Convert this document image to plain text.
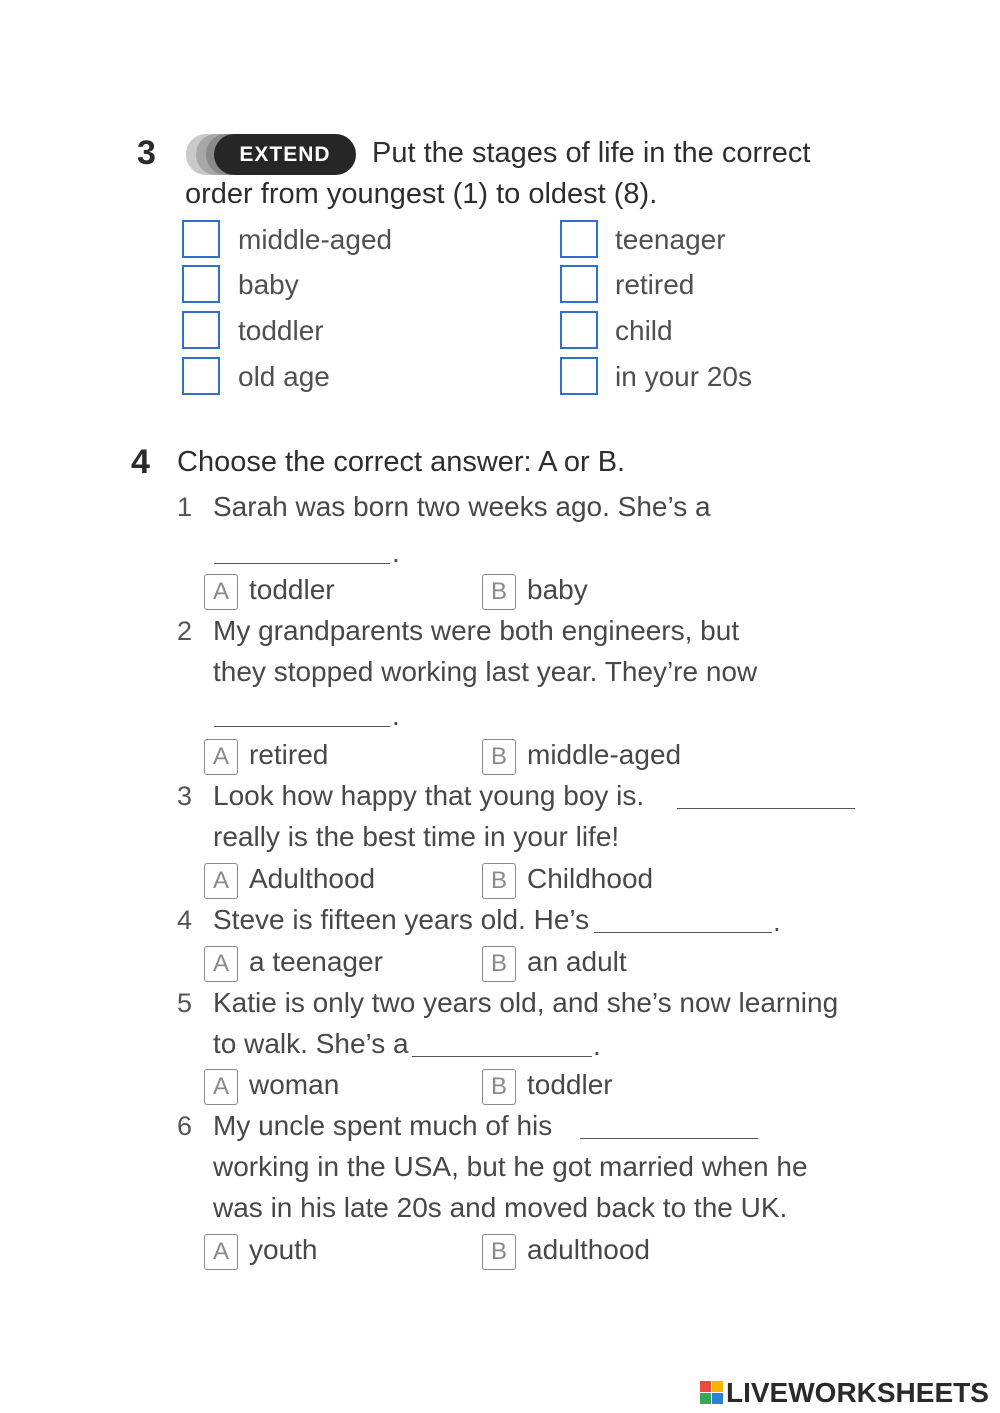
3	EXTEND	Put the stages of life in the correct
order from youngest (1) to oldest (8).
middle-aged
baby
toddler
old age
teenager
retired
child
in your 20s
4 Choose the correct answer: A or B.
1 Sarah was born two weeks ago. She’s a
.
A toddler	B baby
2 My grandparents were both engineers, but
they stopped working last year. They’re now
.
A retired	B middle-aged
3 Look how happy that young boy is.
really is the best time in your life!
A Adulthood	B Childhood
4 Steve is fifteen years old. He’s	.
A a teenager	B an adult
5 Katie is only two years old, and she’s now learning
to walk. She’s a	.
A woman	B toddler
6 My uncle spent much of his
working in the USA, but he got married when he
was in his late 20s and moved back to the UK.
A youth	B adulthood
LIVEWORKSHEETS
